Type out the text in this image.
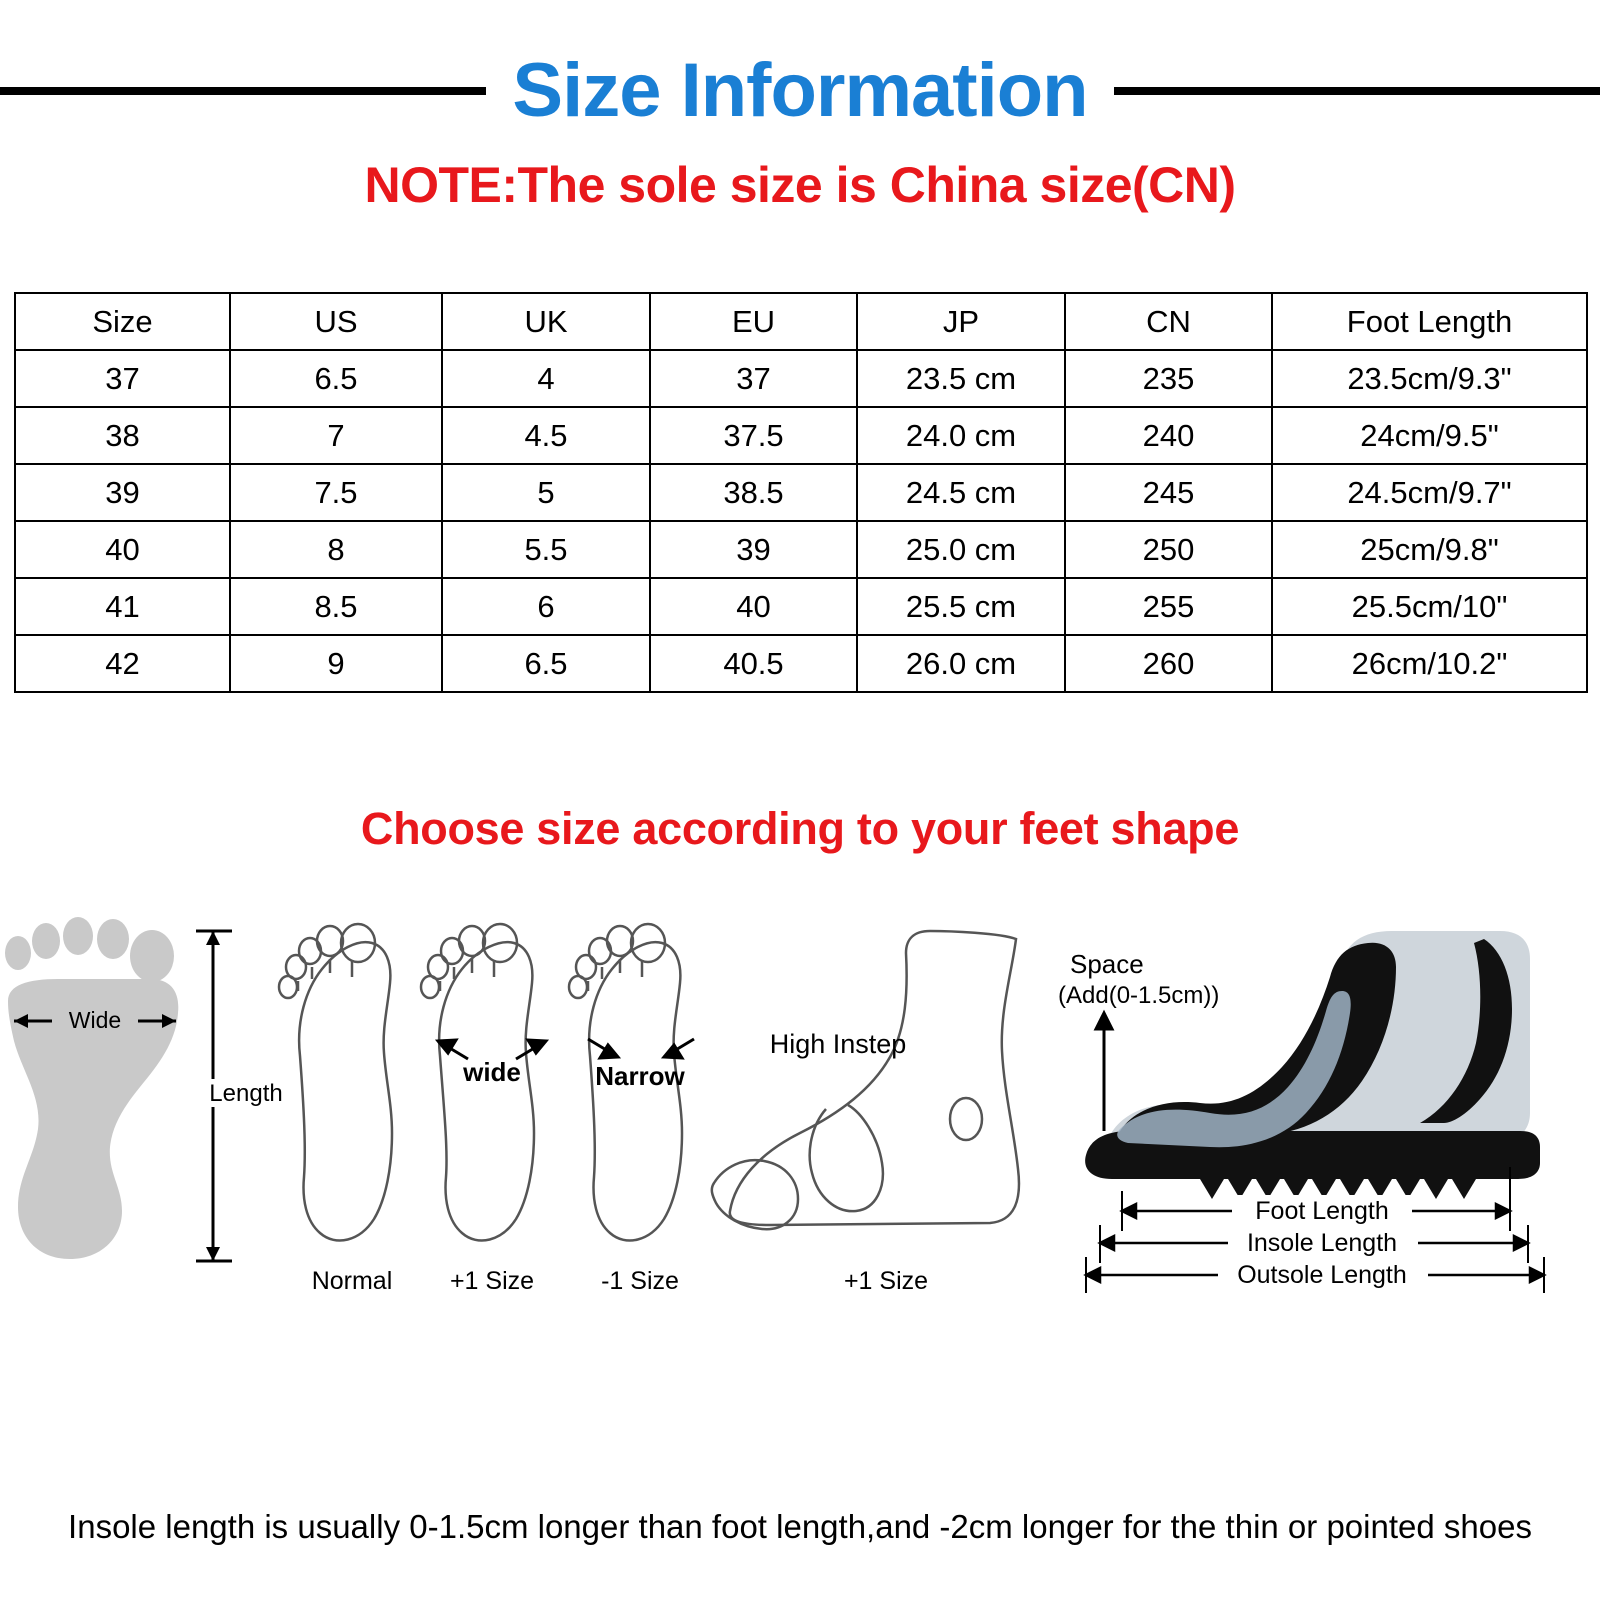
Size Information
NOTE:The sole size is China size(CN)
Size	US	UK	EU	JP	CN	Foot Length
37	6.5	4	37	23.5 cm	235	23.5cm/9.3"
38	7	4.5	37.5	24.0 cm	240	24cm/9.5"
39	7.5	5	38.5	24.5 cm	245	24.5cm/9.7"
40	8	5.5	39	25.0 cm	250	25cm/9.8"
41	8.5	6	40	25.5 cm	255	25.5cm/10"
42	9	6.5	40.5	26.0 cm	260	26cm/10.2"
Choose size according to your feet shape
Wide
Length
Normal
wide
+1 Size
Narrow
-1 Size
High Instep
+1 Size
Space
(Add(0-1.5cm))
Foot Length
Insole Length
Outsole Length
Insole length is usually 0-1.5cm longer than foot length,and -2cm longer for the thin or pointed shoes
